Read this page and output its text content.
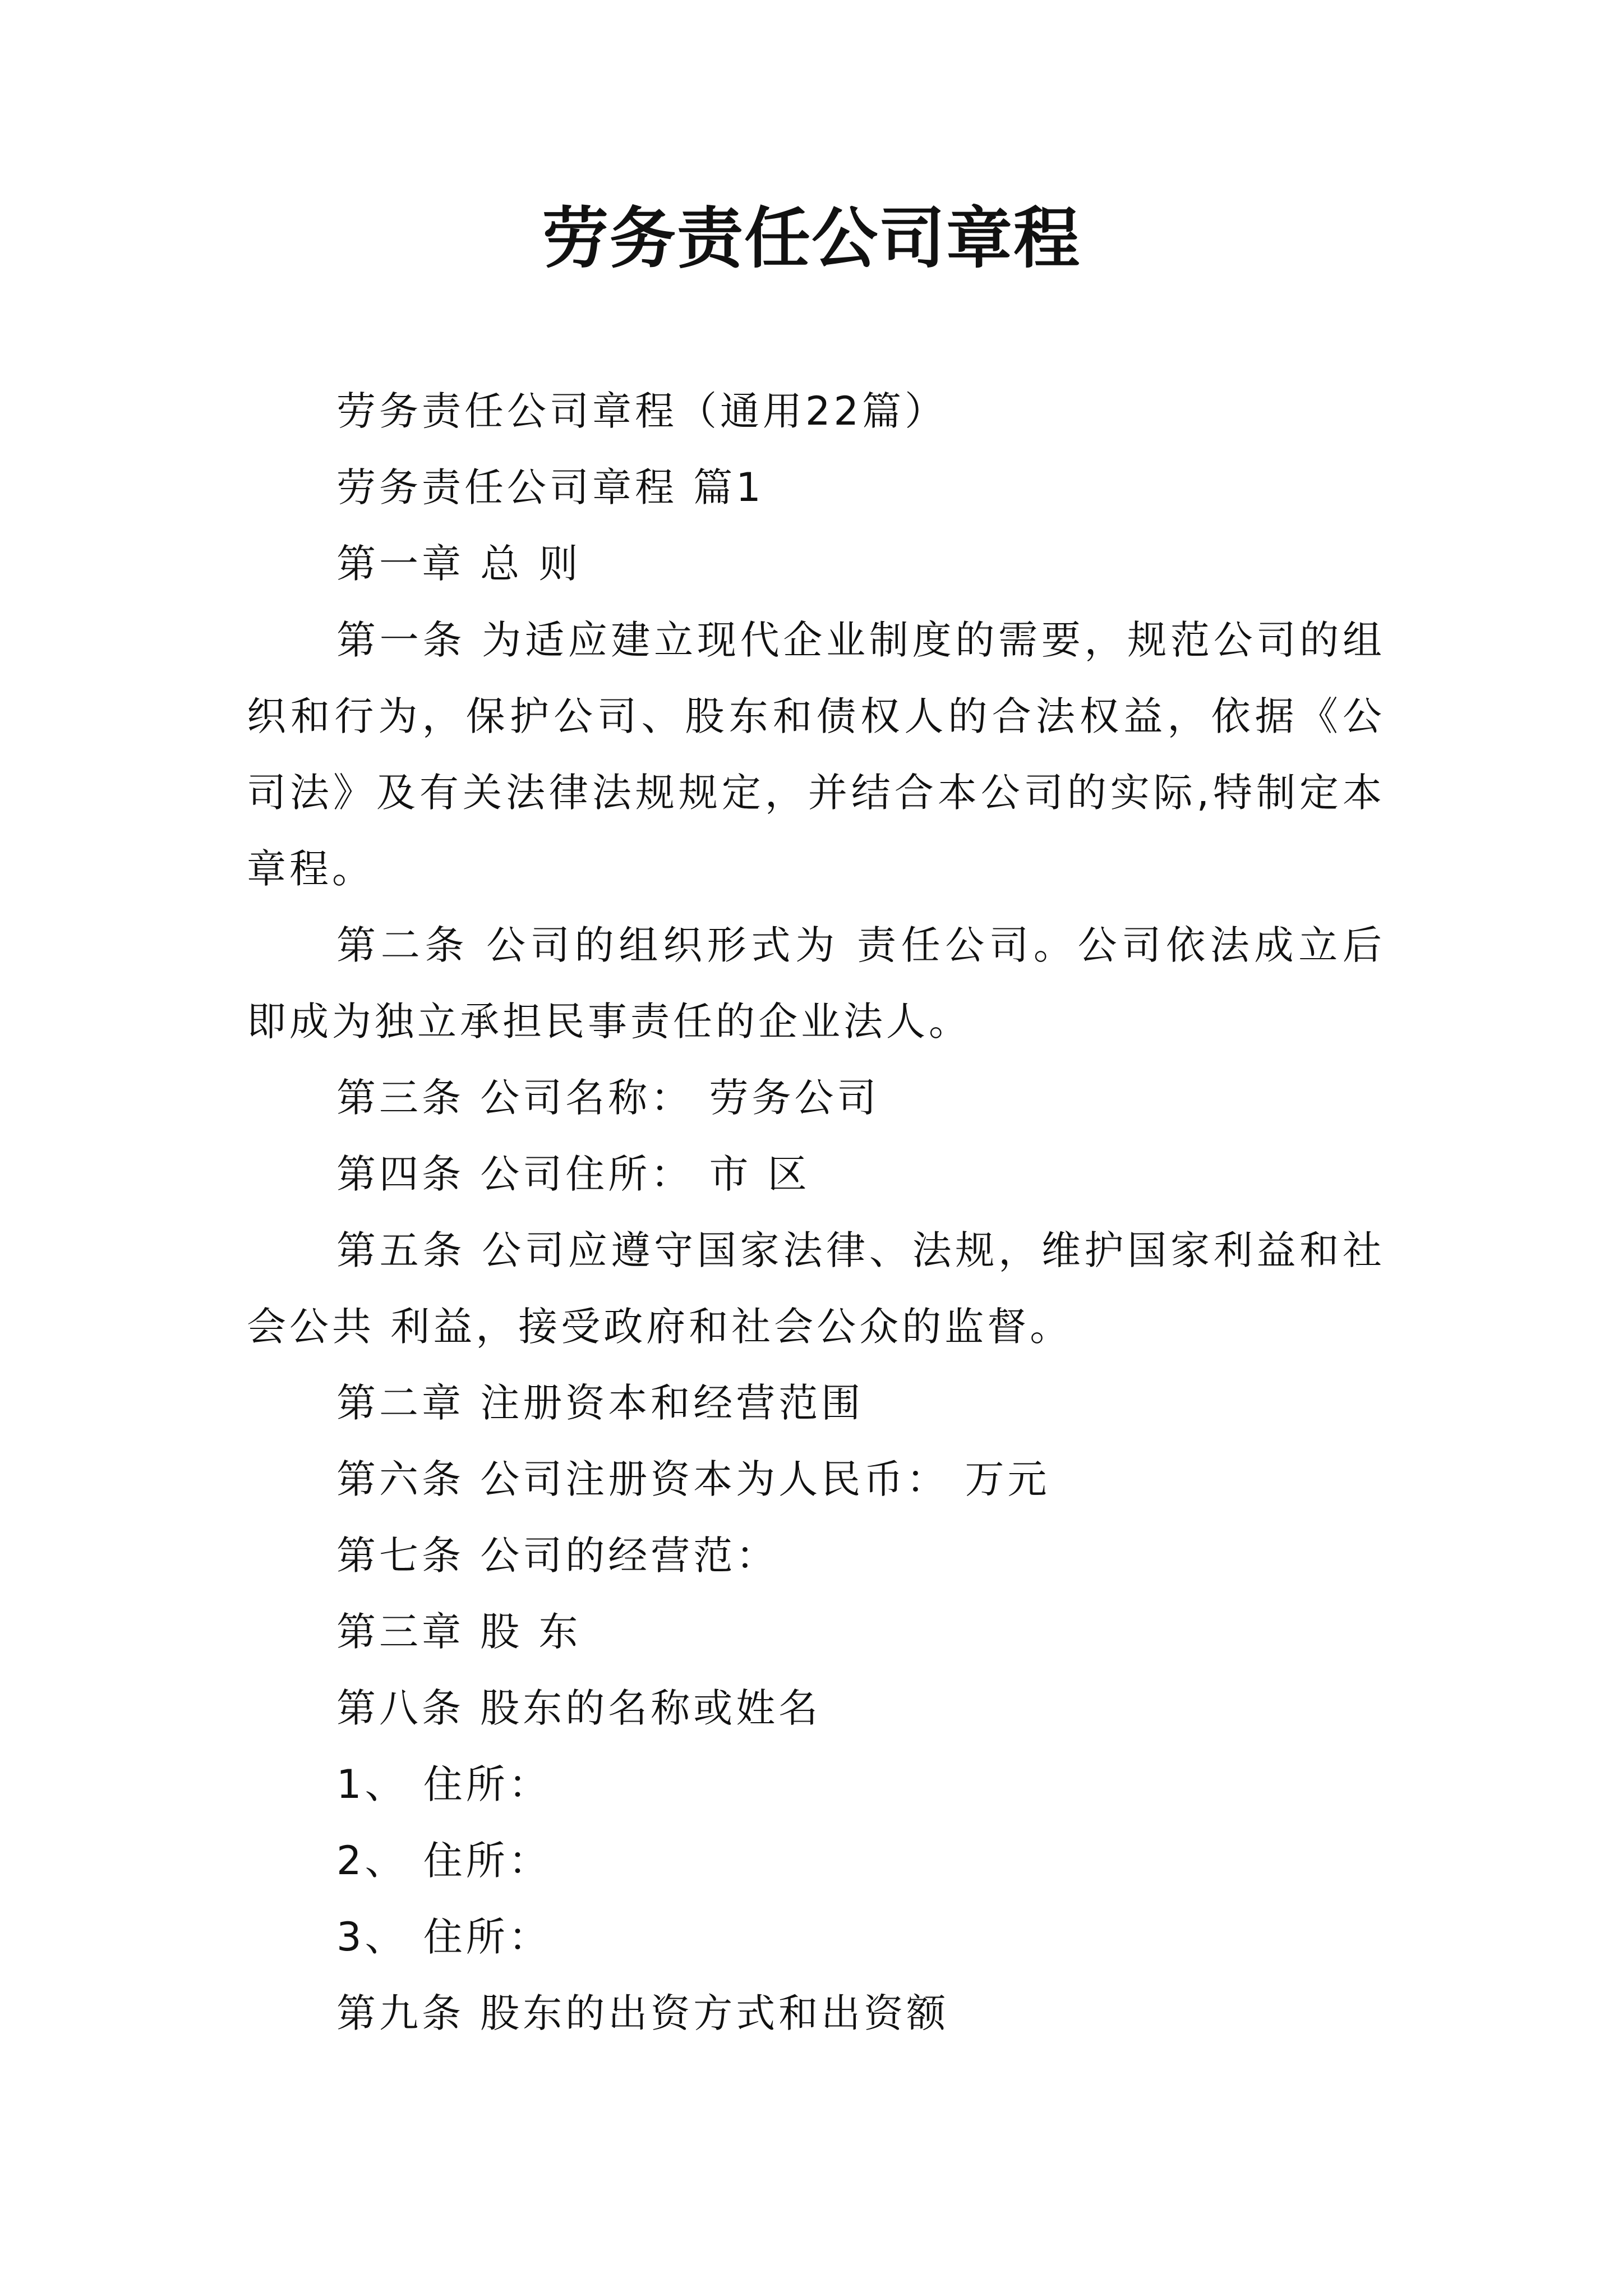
劳务责任公司章程

劳务责任公司章程（通用22篇）

劳务责任公司章程 篇1

第一章 总 则

第一条 为适应建立现代企业制度的需要，规范公司的组织和行为，保护公司、股东和债权人的合法权益，依据《公司法》及有关法律法规规定，并结合本公司的实际,特制定本章程。

第二条 公司的组织形式为 责任公司。公司依法成立后即成为独立承担民事责任的企业法人。

第三条 公司名称： 劳务公司

第四条 公司住所： 市 区

第五条 公司应遵守国家法律、法规，维护国家利益和社会公共 利益，接受政府和社会公众的监督。

第二章 注册资本和经营范围

第六条 公司注册资本为人民币： 万元

第七条 公司的经营范：

第三章 股 东

第八条 股东的名称或姓名

1、 住所：

2、 住所：

3、 住所：

第九条 股东的出资方式和出资额
